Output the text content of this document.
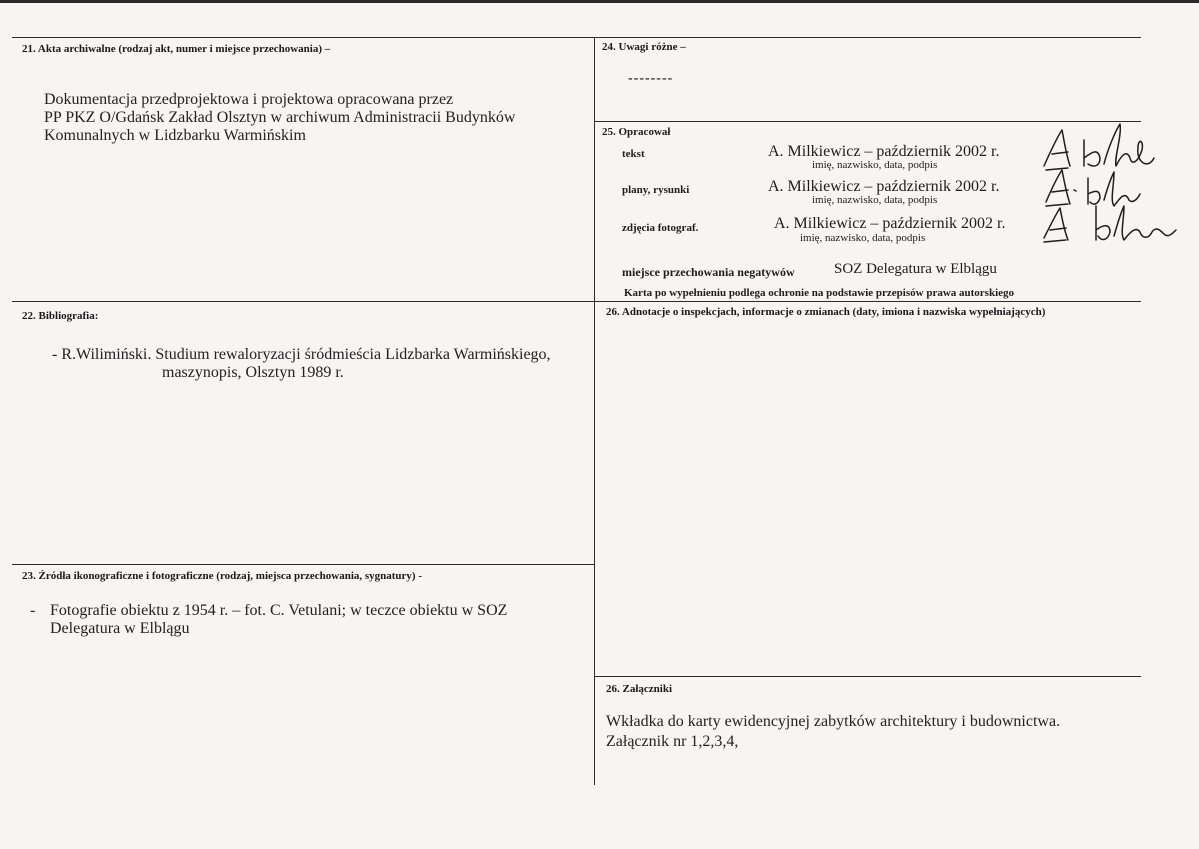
21. Akta archiwalne (rodzaj akt, numer i miejsce przechowania) –
Dokumentacja przedprojektowa i projektowa opracowana przez
PP PKZ O/Gdańsk Zakład Olsztyn w archiwum Administracii Budynków
Komunalnych w Lidzbarku Warmińskim
24. Uwagi różne –
--------
25. Opracował
tekst	A. Milkiewicz – październik 2002 r.
imię, nazwisko, data, podpis
plany, rysunki	A. Milkiewicz – październik 2002 r.
imię, nazwisko, data, podpis
zdjęcia fotograf.	A. Milkiewicz – październik 2002 r.
imię, nazwisko, data, podpis
miejsce przechowania negatywów	SOZ Delegatura w Elblągu
Karta po wypełnieniu podlega ochronie na podstawie przepisów prawa autorskiego
22. Bibliografia:
- R.Wilimiński. Studium rewaloryzacji śródmieścia Lidzbarka Warmińskiego,
maszynopis, Olsztyn 1989 r.
26. Adnotacje o inspekcjach, informacje o zmianach (daty, imiona i nazwiska wypełniających)
23. Źródła ikonograficzne i fotograficzne (rodzaj, miejsca przechowania, sygnatury) -
- Fotografie obiektu z 1954 r. – fot. C. Vetulani; w teczce obiektu w SOZ
Delegatura w Elblągu
26. Załączniki
Wkładka do karty ewidencyjnej zabytków architektury i budownictwa.
Załącznik nr 1,2,3,4,
